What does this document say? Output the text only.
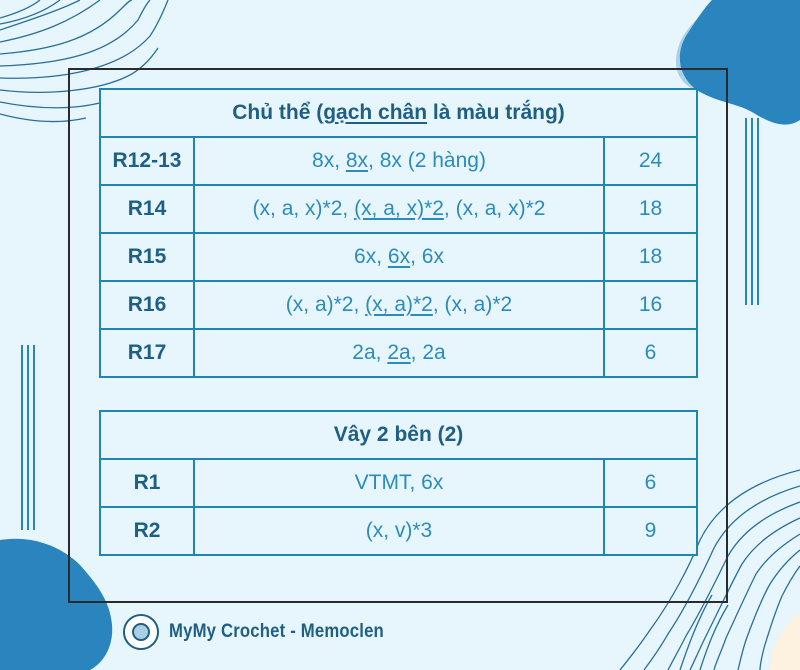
Chủ thể (gạch chân là màu trắng)		
R12-13	8x, 8x, 8x (2 hàng)	24
R14	(x, a, x)*2, (x, a, x)*2, (x, a, x)*2	18
R15	6x, 6x, 6x	18
R16	(x, a)*2, (x, a)*2, (x, a)*2	16
R17	2a, 2a, 2a	6
Vây 2 bên (2)		
R1	VTMT, 6x	6
R2	(x, v)*3	9
MyMy Crochet - Memoclen
